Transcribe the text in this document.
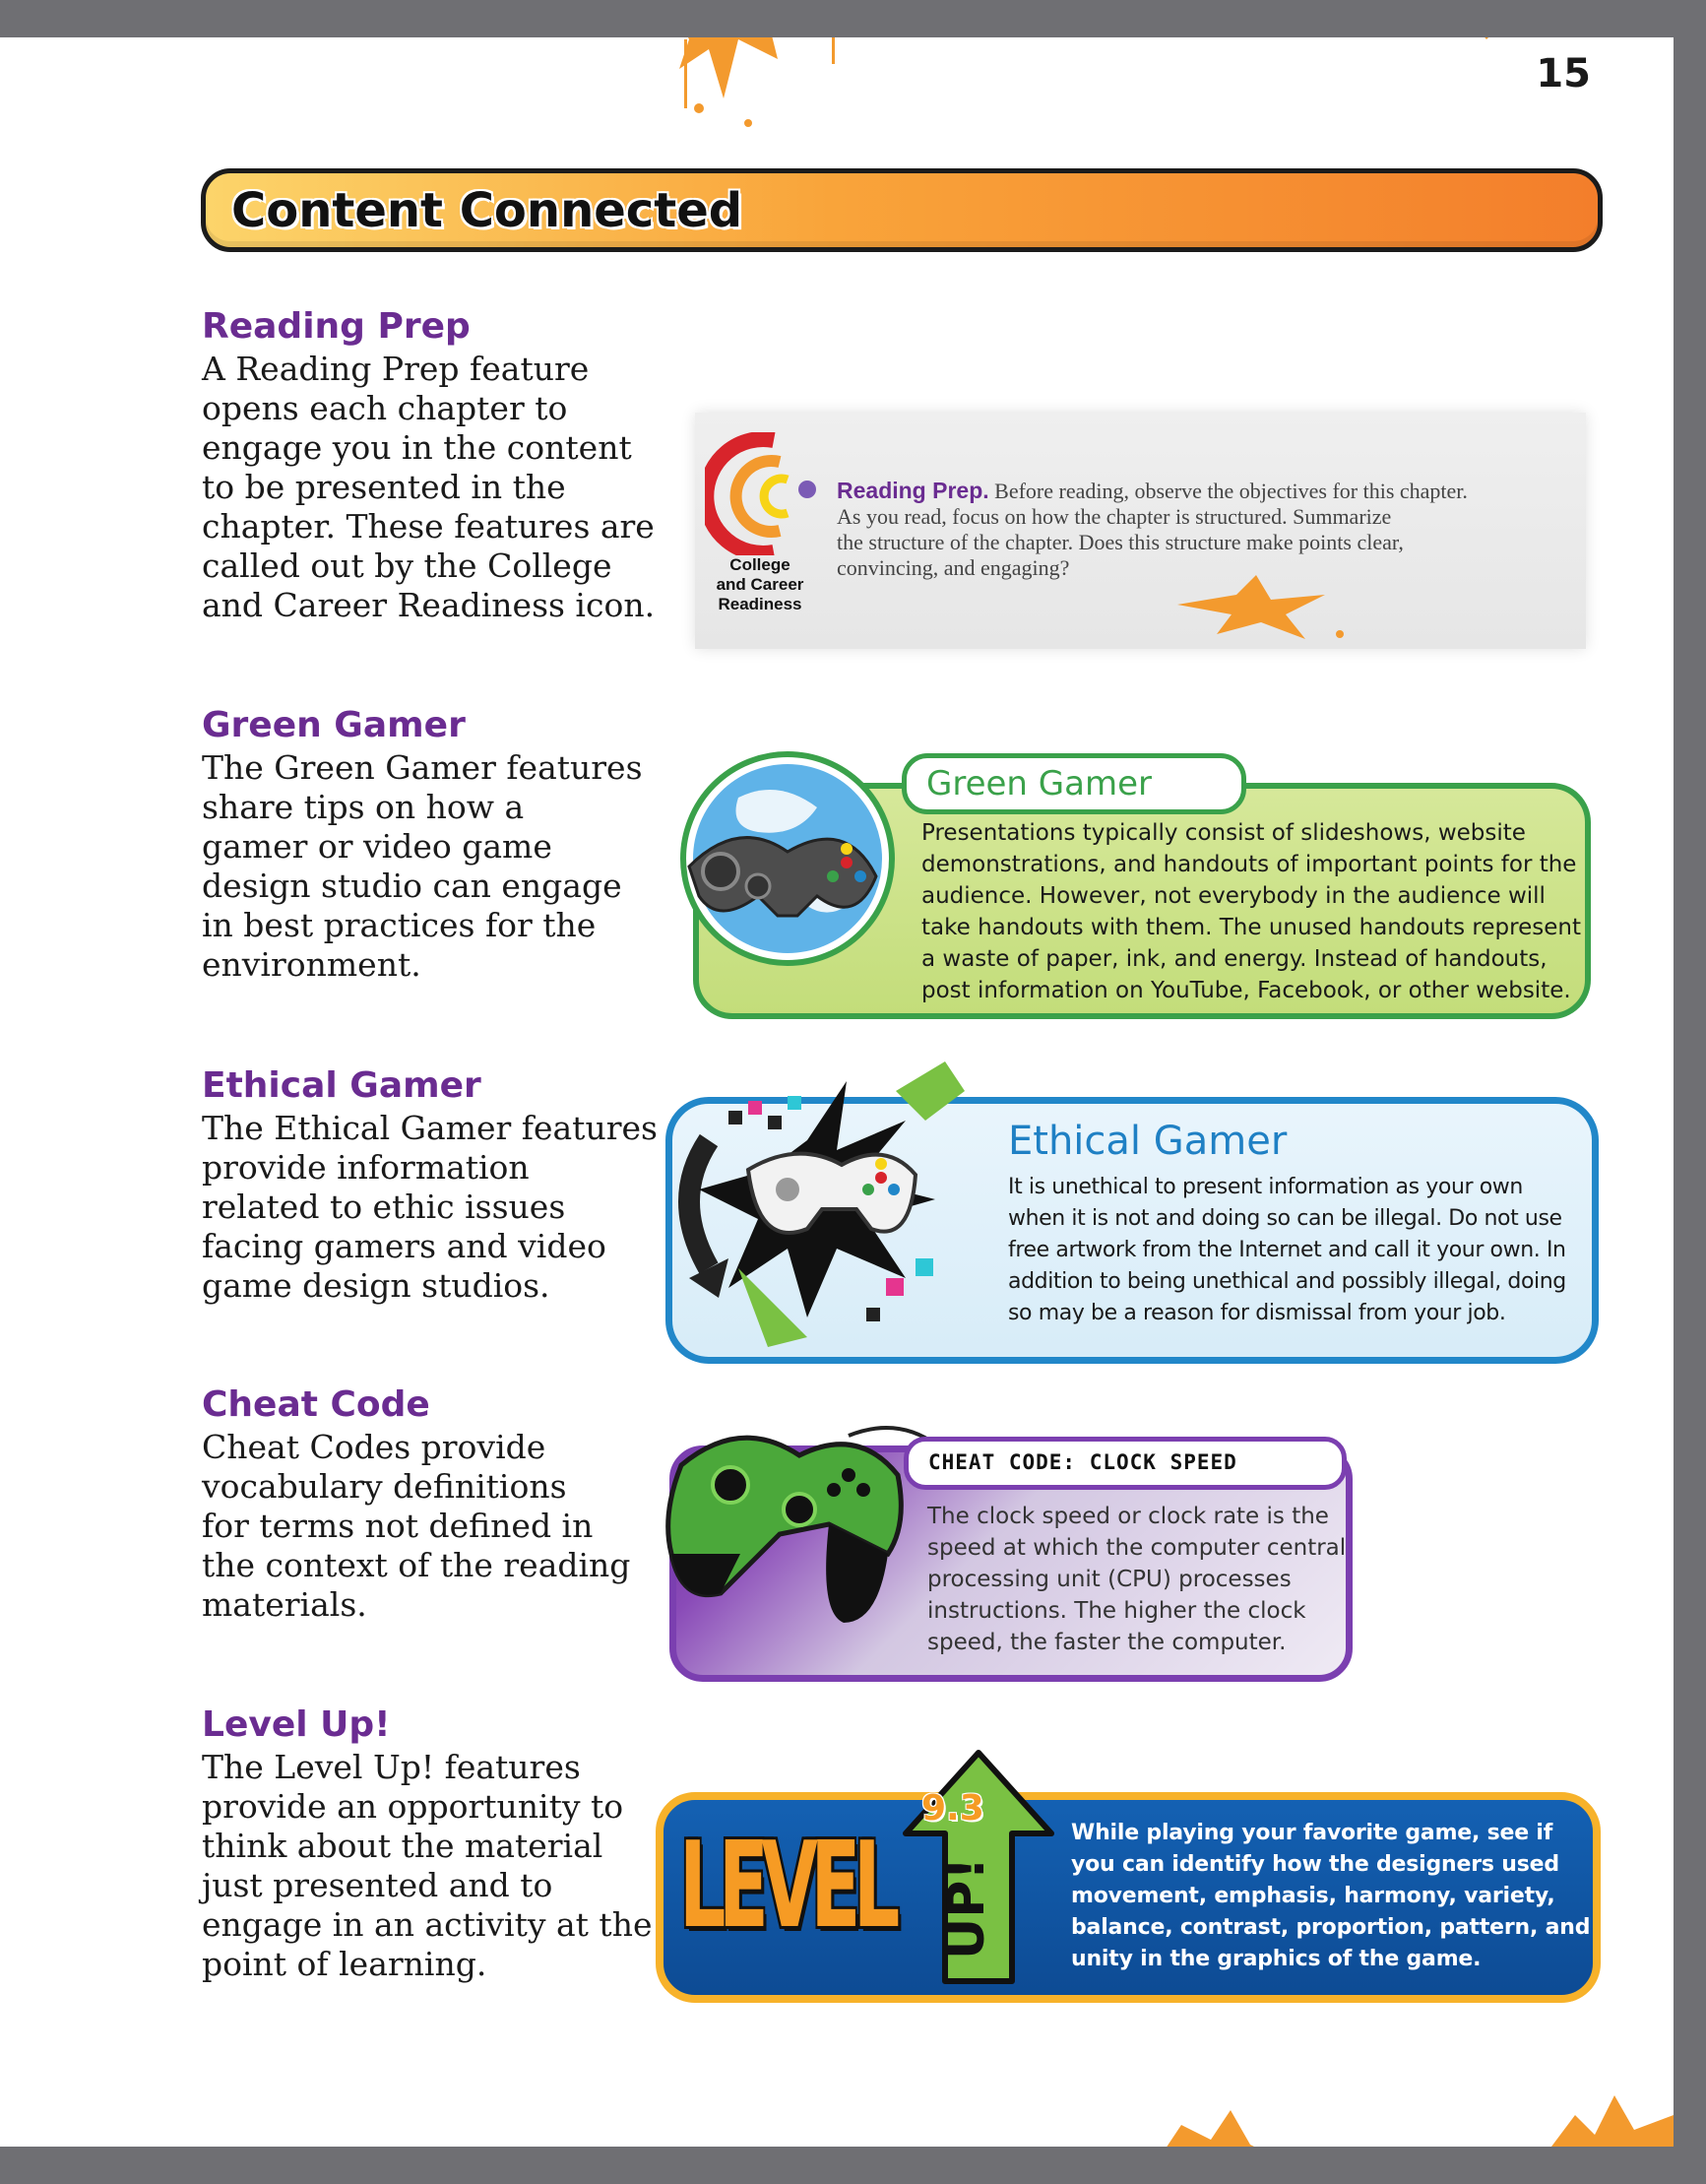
15
Content Connected
Reading Prep

A Reading Prep feature

opens each chapter to

engage you in the content

to be presented in the

chapter. These features are

called out by the College

and Career Readiness icon.

Green Gamer

The Green Gamer features

share tips on how a

gamer or video game

design studio can engage

in best practices for the

environment.

Ethical Gamer

The Ethical Gamer features

provide information

related to ethic issues

facing gamers and video

game design studios.

Cheat Code

Cheat Codes provide

vocabulary definitions

for terms not defined in

the context of the reading

materials.

Level Up!

The Level Up! features

provide an opportunity to

think about the material

just presented and to

engage in an activity at the

point of learning.

College
and Career
Readiness

Reading Prep. Before reading, observe the objectives for this chapter.

As you read, focus on how the chapter is structured. Summarize

the structure of the chapter. Does this structure make points clear,

convincing, and engaging?

Green Gamer

Presentations typically consist of slideshows, website

demonstrations, and handouts of important points for the

audience. However, not everybody in the audience will

take handouts with them. The unused handouts represent

a waste of paper, ink, and energy. Instead of handouts,

post information on YouTube, Facebook, or other website.

Ethical Gamer

It is unethical to present information as your own

when it is not and doing so can be illegal. Do not use

free artwork from the Internet and call it your own. In

addition to being unethical and possibly illegal, doing

so may be a reason for dismissal from your job.

CHEAT CODE: CLOCK SPEED

The clock speed or clock rate is the

speed at which the computer central

processing unit (CPU) processes

instructions. The higher the clock

speed, the faster the computer.

LEVEL UP!
9.3

While playing your favorite game, see if

you can identify how the designers used

movement, emphasis, harmony, variety,

balance, contrast, proportion, pattern, and

unity in the graphics of the game.
